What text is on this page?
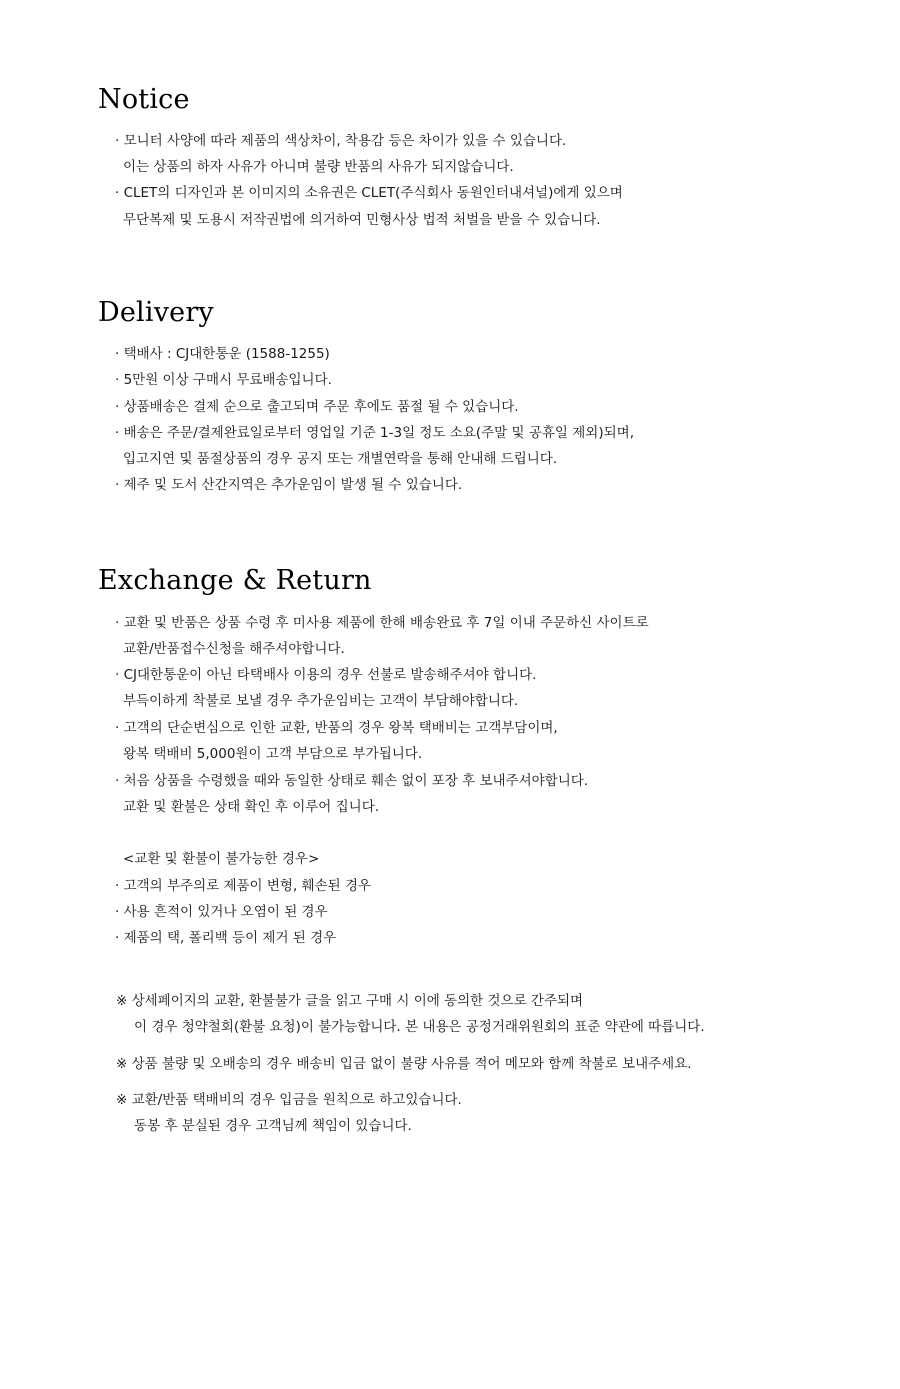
Notice

· 모니터 사양에 따라 제품의 색상차이, 착용감 등은 차이가 있을 수 있습니다.

이는 상품의 하자 사유가 아니며 불량 반품의 사유가 되지않습니다.

· CLET의 디자인과 본 이미지의 소유권은 CLET(주식회사 동원인터내셔널)에게 있으며

무단복제 및 도용시 저작권법에 의거하여 민형사상 법적 처벌을 받을 수 있습니다.

Delivery

· 택배사 : CJ대한통운 (1588-1255)

· 5만원 이상 구매시 무료배송입니다.

· 상품배송은 결제 순으로 출고되며 주문 후에도 품절 될 수 있습니다.

· 배송은 주문/결제완료일로부터 영업일 기준 1-3일 정도 소요(주말 및 공휴일 제외)되며,

입고지연 및 품절상품의 경우 공지 또는 개별연락을 통해 안내해 드립니다.

· 제주 및 도서 산간지역은 추가운임이 발생 될 수 있습니다.

Exchange & Return

· 교환 및 반품은 상품 수령 후 미사용 제품에 한해 배송완료 후 7일 이내 주문하신 사이트로

교환/반품접수신청을 해주셔야합니다.

· CJ대한통운이 아닌 타택배사 이용의 경우 선불로 발송해주셔야 합니다.

부득이하게 착불로 보낼 경우 추가운임비는 고객이 부담해야합니다.

· 고객의 단순변심으로 인한 교환, 반품의 경우 왕복 택배비는 고객부담이며,

왕복 택배비 5,000원이 고객 부담으로 부가됩니다.

· 처음 상품을 수령했을 때와 동일한 상태로 훼손 없이 포장 후 보내주셔야합니다.

교환 및 환불은 상태 확인 후 이루어 집니다.

<교환 및 환불이 불가능한 경우>

· 고객의 부주의로 제품이 변형, 훼손된 경우

· 사용 흔적이 있거나 오염이 된 경우

· 제품의 택, 폴리백 등이 제거 된 경우

※ 상세페이지의 교환, 환불불가 글을 읽고 구매 시 이에 동의한 것으로 간주되며

이 경우 청약철회(환불 요청)이 불가능합니다. 본 내용은 공정거래위원회의 표준 약관에 따릅니다.

※ 상품 불량 및 오배송의 경우 배송비 입금 없이 불량 사유를 적어 메모와 함께 착불로 보내주세요.

※ 교환/반품 택배비의 경우 입금을 원칙으로 하고있습니다.

동봉 후 분실된 경우 고객님께 책임이 있습니다.
